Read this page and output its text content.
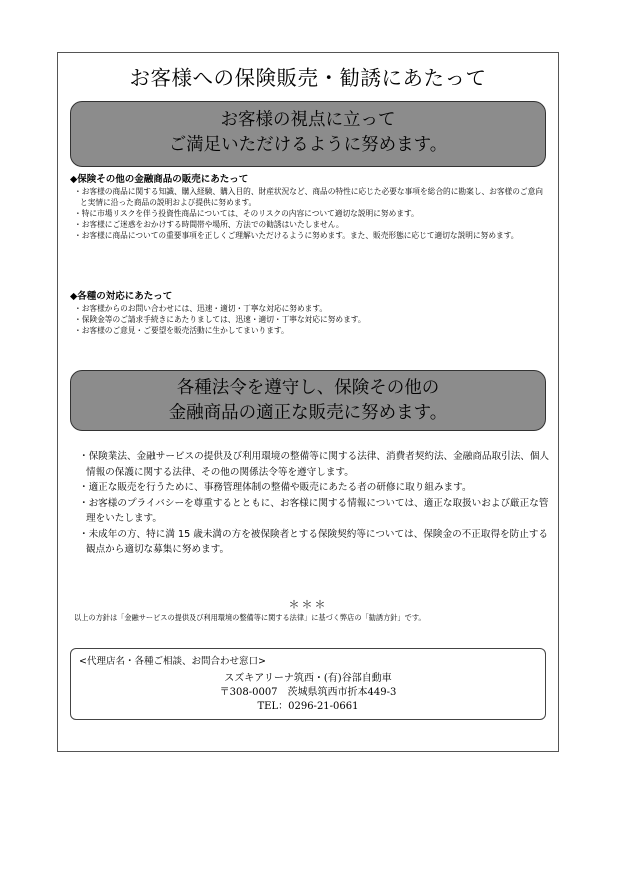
お客様への保険販売・勧誘にあたって
お客様の視点に立って
ご満足いただけるように努めます。
◆保険その他の金融商品の販売にあたって
・お客様の商品に関する知識、購入経験、購入目的、財産状況など、商品の特性に応じた必要な事項を総合的に勘案し、お客様のご意向と実情に沿った商品の説明および提供に努めます。
・特に市場リスクを伴う投資性商品については、そのリスクの内容について適切な説明に努めます。
・お客様にご迷惑をおかけする時間帯や場所、方法での勧誘はいたしません。
・お客様に商品についての重要事項を正しくご理解いただけるように努めます。また、販売形態に応じて適切な説明に努めます。
◆各種の対応にあたって
・お客様からのお問い合わせには、迅速・適切・丁寧な対応に努めます。
・保険金等のご請求手続きにあたりましては、迅速・適切・丁寧な対応に努めます。
・お客様のご意見・ご要望を販売活動に生かしてまいります。
各種法令を遵守し、保険その他の
金融商品の適正な販売に努めます。
・保険業法、金融サービスの提供及び利用環境の整備等に関する法律、消費者契約法、金融商品取引法、個人情報の保護に関する法律、その他の関係法令等を遵守します。
・適正な販売を行うために、事務管理体制の整備や販売にあたる者の研修に取り組みます。
・お客様のプライバシーを尊重するとともに、お客様に関する情報については、適正な取扱いおよび厳正な管理をいたします。
・未成年の方、特に満 15 歳未満の方を被保険者とする保険契約等については、保険金の不正取得を防止する観点から適切な募集に努めます。
＊＊＊
以上の方針は「金融サービスの提供及び利用環境の整備等に関する法律」に基づく弊店の「勧誘方針」です。
<代理店名・各種ご相談、お問合わせ窓口>
スズキアリーナ筑西・(有)谷部自動車
〒308-0007　茨城県筑西市折本449-3
TEL：0296-21-0661
